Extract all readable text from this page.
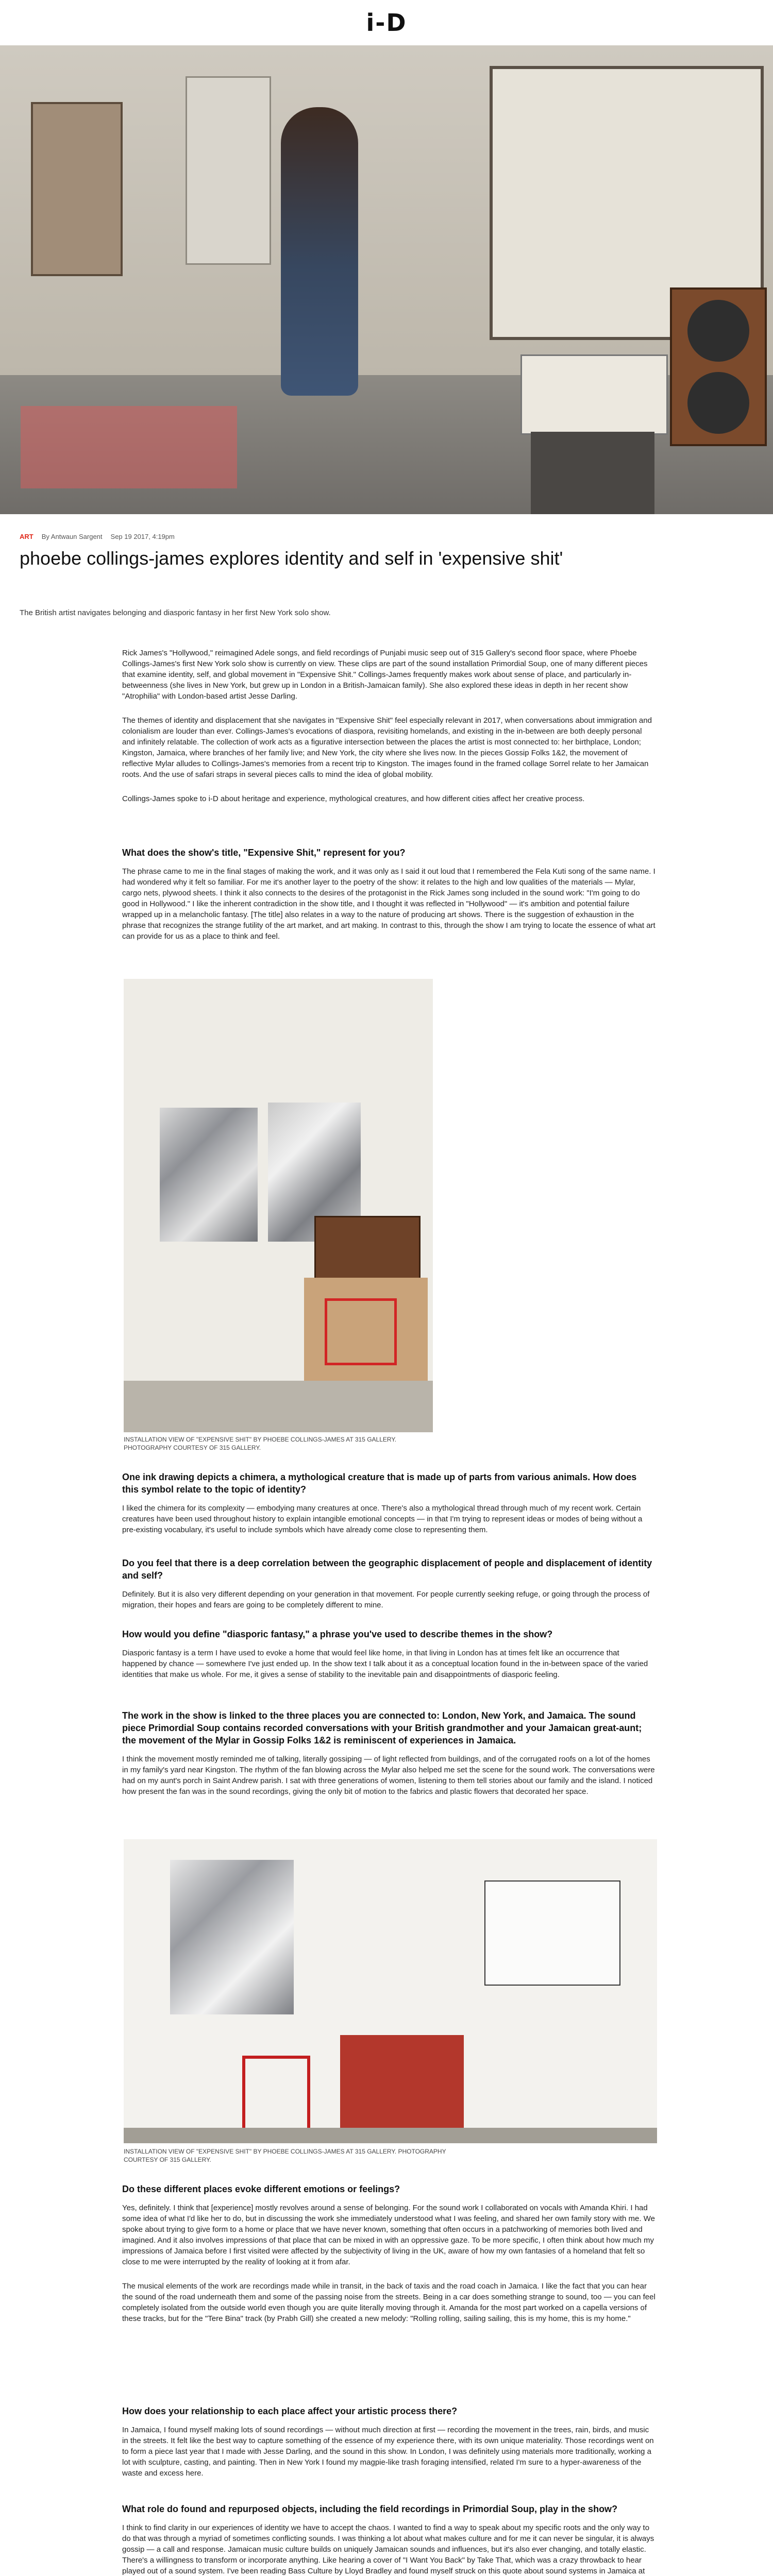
i-D
ART By Antwaun Sargent Sep 19 2017, 4:19pm
phoebe collings-james explores identity and self in 'expensive shit'

The British artist navigates belonging and diasporic fantasy in her first New York solo show.

Rick James's "Hollywood," reimagined Adele songs, and field recordings of Punjabi music seep out of 315 Gallery's second floor space, where Phoebe Collings-James's first New York solo show is currently on view. These clips are part of the sound installation Primordial Soup, one of many different pieces that examine identity, self, and global movement in "Expensive Shit." Collings-James frequently makes work about sense of place, and particularly in-betweenness (she lives in New York, but grew up in London in a British-Jamaican family). She also explored these ideas in depth in her recent show "Atrophilia" with London-based artist Jesse Darling.

The themes of identity and displacement that she navigates in "Expensive Shit" feel especially relevant in 2017, when conversations about immigration and colonialism are louder than ever. Collings-James's evocations of diaspora, revisiting homelands, and existing in the in-between are both deeply personal and infinitely relatable. The collection of work acts as a figurative intersection between the places the artist is most connected to: her birthplace, London; Kingston, Jamaica, where branches of her family live; and New York, the city where she lives now. In the pieces Gossip Folks 1&2, the movement of reflective Mylar alludes to Collings-James's memories from a recent trip to Kingston. The images found in the framed collage Sorrel relate to her Jamaican roots. And the use of safari straps in several pieces calls to mind the idea of global mobility.

Collings-James spoke to i-D about heritage and experience, mythological creatures, and how different cities affect her creative process.

What does the show's title, "Expensive Shit," represent for you?

The phrase came to me in the final stages of making the work, and it was only as I said it out loud that I remembered the Fela Kuti song of the same name. I had wondered why it felt so familiar. For me it's another layer to the poetry of the show: it relates to the high and low qualities of the materials — Mylar, cargo nets, plywood sheets. I think it also connects to the desires of the protagonist in the Rick James song included in the sound work: "I'm going to do good in Hollywood." I like the inherent contradiction in the show title, and I thought it was reflected in "Hollywood" — it's ambition and potential failure wrapped up in a melancholic fantasy. [The title] also relates in a way to the nature of producing art shows. There is the suggestion of exhaustion in the phrase that recognizes the strange futility of the art market, and art making. In contrast to this, through the show I am trying to locate the essence of what art can provide for us as a place to think and feel.

INSTALLATION VIEW OF "EXPENSIVE SHIT" BY PHOEBE COLLINGS-JAMES AT 315 GALLERY. PHOTOGRAPHY COURTESY OF 315 GALLERY.
One ink drawing depicts a chimera, a mythological creature that is made up of parts from various animals. How does this symbol relate to the topic of identity?

I liked the chimera for its complexity — embodying many creatures at once. There's also a mythological thread through much of my recent work. Certain creatures have been used throughout history to explain intangible emotional concepts — in that I'm trying to represent ideas or modes of being without a pre-existing vocabulary, it's useful to include symbols which have already come close to representing them.

Do you feel that there is a deep correlation between the geographic displacement of people and displacement of identity and self?

Definitely. But it is also very different depending on your generation in that movement. For people currently seeking refuge, or going through the process of migration, their hopes and fears are going to be completely different to mine.

How would you define "diasporic fantasy," a phrase you've used to describe themes in the show?

Diasporic fantasy is a term I have used to evoke a home that would feel like home, in that living in London has at times felt like an occurrence that happened by chance — somewhere I've just ended up. In the show text I talk about it as a conceptual location found in the in-between space of the varied identities that make us whole. For me, it gives a sense of stability to the inevitable pain and disappointments of diasporic feeling.

The work in the show is linked to the three places you are connected to: London, New York, and Jamaica. The sound piece Primordial Soup contains recorded conversations with your British grandmother and your Jamaican great-aunt; the movement of the Mylar in Gossip Folks 1&2 is reminiscent of experiences in Jamaica.

I think the movement mostly reminded me of talking, literally gossiping — of light reflected from buildings, and of the corrugated roofs on a lot of the homes in my family's yard near Kingston. The rhythm of the fan blowing across the Mylar also helped me set the scene for the sound work. The conversations were had on my aunt's porch in Saint Andrew parish. I sat with three generations of women, listening to them tell stories about our family and the island. I noticed how present the fan was in the sound recordings, giving the only bit of motion to the fabrics and plastic flowers that decorated her space.

INSTALLATION VIEW OF "EXPENSIVE SHIT" BY PHOEBE COLLINGS-JAMES AT 315 GALLERY. PHOTOGRAPHY COURTESY OF 315 GALLERY.
Do these different places evoke different emotions or feelings?

Yes, definitely. I think that [experience] mostly revolves around a sense of belonging. For the sound work I collaborated on vocals with Amanda Khiri. I had some idea of what I'd like her to do, but in discussing the work she immediately understood what I was feeling, and shared her own family story with me. We spoke about trying to give form to a home or place that we have never known, something that often occurs in a patchworking of memories both lived and imagined. And it also involves impressions of that place that can be mixed in with an oppressive gaze. To be more specific, I often think about how much my impressions of Jamaica before I first visited were affected by the subjectivity of living in the UK, aware of how my own fantasies of a homeland that felt so close to me were interrupted by the reality of looking at it from afar.

The musical elements of the work are recordings made while in transit, in the back of taxis and the road coach in Jamaica. I like the fact that you can hear the sound of the road underneath them and some of the passing noise from the streets. Being in a car does something strange to sound, too — you can feel completely isolated from the outside world even though you are quite literally moving through it. Amanda for the most part worked on a capella versions of these tracks, but for the "Tere Bina" track (by Prabh Gill) she created a new melody: "Rolling rolling, sailing sailing, this is my home, this is my home."

How does your relationship to each place affect your artistic process there?

In Jamaica, I found myself making lots of sound recordings — without much direction at first — recording the movement in the trees, rain, birds, and music in the streets. It felt like the best way to capture something of the essence of my experience there, with its own unique materiality. Those recordings went on to form a piece last year that I made with Jesse Darling, and the sound in this show. In London, I was definitely using materials more traditionally, working a lot with sculpture, casting, and painting. Then in New York I found my magpie-like trash foraging intensified, related I'm sure to a hyper-awareness of the waste and excess here.

What role do found and repurposed objects, including the field recordings in Primordial Soup, play in the show?

I think to find clarity in our experiences of identity we have to accept the chaos. I wanted to find a way to speak about my specific roots and the only way to do that was through a myriad of sometimes conflicting sounds. I was thinking a lot about what makes culture and for me it can never be singular, it is always gossip — a call and response. Jamaican music culture builds on uniquely Jamaican sounds and influences, but it's also ever changing, and totally elastic. There's a willingness to transform or incorporate anything. Like hearing a cover of "I Want You Back" by Take That, which was a crazy throwback to hear played out of a sound system. I've been reading Bass Culture by Lloyd Bradley and found myself struck on this quote about sound systems in Jamaica at
